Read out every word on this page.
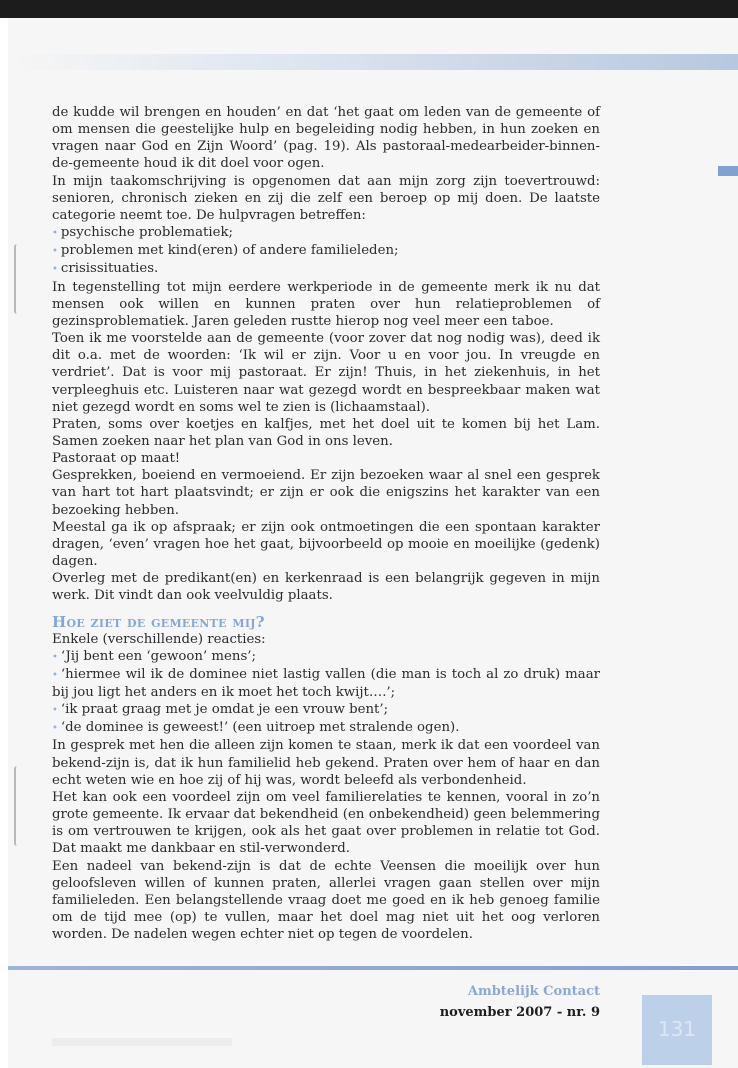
de kudde wil brengen en houden’ en dat ‘het gaat om leden van de gemeente of om mensen die geestelijke hulp en begeleiding nodig hebben, in hun zoeken en vragen naar God en Zijn Woord’ (pag. 19). Als pastoraal-medearbeider-binnen-de-gemeente houd ik dit doel voor ogen.

In mijn taakomschrijving is opgenomen dat aan mijn zorg zijn toevertrouwd: senioren, chronisch zieken en zij die zelf een beroep op mij doen. De laatste categorie neemt toe. De hulpvragen betreffen:

• psychische problematiek;

• problemen met kind(eren) of andere familieleden;

• crisissituaties.

In tegenstelling tot mijn eerdere werkperiode in de gemeente merk ik nu dat mensen ook willen en kunnen praten over hun relatieproblemen of gezinsproblematiek. Jaren geleden rustte hierop nog veel meer een taboe.

Toen ik me voorstelde aan de gemeente (voor zover dat nog nodig was), deed ik dit o.a. met de woorden: ‘Ik wil er zijn. Voor u en voor jou. In vreugde en verdriet’. Dat is voor mij pastoraat. Er zijn! Thuis, in het ziekenhuis, in het verpleeghuis etc. Luisteren naar wat gezegd wordt en bespreekbaar maken wat niet gezegd wordt en soms wel te zien is (lichaamstaal).

Praten, soms over koetjes en kalfjes, met het doel uit te komen bij het Lam. Samen zoeken naar het plan van God in ons leven.

Pastoraat op maat!

Gesprekken, boeiend en vermoeiend. Er zijn bezoeken waar al snel een gesprek van hart tot hart plaatsvindt; er zijn er ook die enigszins het karakter van een bezoeking hebben.

Meestal ga ik op afspraak; er zijn ook ontmoetingen die een spontaan karakter dragen, ‘even’ vragen hoe het gaat, bijvoorbeeld op mooie en moeilijke (gedenk) dagen.

Overleg met de predikant(en) en kerkenraad is een belangrijk gegeven in mijn werk. Dit vindt dan ook veelvuldig plaats.

Hoe ziet de gemeente mij?

Enkele (verschillende) reacties:

• ‘Jij bent een ‘gewoon’ mens’;

• ‘hiermee wil ik de dominee niet lastig vallen (die man is toch al zo druk) maar bij jou ligt het anders en ik moet het toch kwijt….’;

• ‘ik praat graag met je omdat je een vrouw bent’;

• ‘de dominee is geweest!’ (een uitroep met stralende ogen).

In gesprek met hen die alleen zijn komen te staan, merk ik dat een voordeel van bekend-zijn is, dat ik hun familielid heb gekend. Praten over hem of haar en dan echt weten wie en hoe zij of hij was, wordt beleefd als verbondenheid.

Het kan ook een voordeel zijn om veel familierelaties te kennen, vooral in zo’n grote gemeente. Ik ervaar dat bekendheid (en onbekendheid) geen belemmering is om vertrouwen te krijgen, ook als het gaat over problemen in relatie tot God. Dat maakt me dankbaar en stil-verwonderd.

Een nadeel van bekend-zijn is dat de echte Veensen die moeilijk over hun geloofsleven willen of kunnen praten, allerlei vragen gaan stellen over mijn familieleden. Een belangstellende vraag doet me goed en ik heb genoeg familie om de tijd mee (op) te vullen, maar het doel mag niet uit het oog verloren worden. De nadelen wegen echter niet op tegen de voordelen.

Ambtelijk Contact
november 2007 - nr. 9
131
